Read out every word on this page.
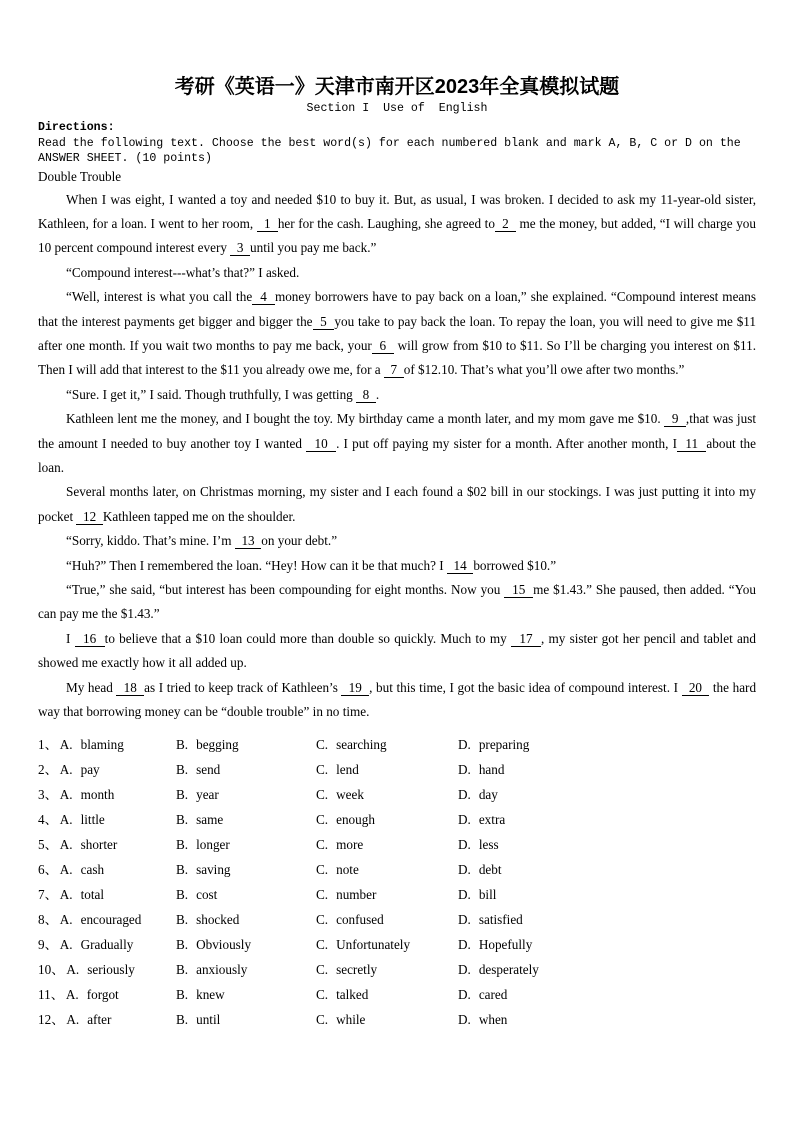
考研《英语一》天津市南开区2023年全真模拟试题
Section I  Use of  English
Directions:
Read the following text. Choose the best word(s) for each numbered blank and mark A, B, C or D on the ANSWER SHEET. (10 points)
Double Trouble

When I was eight, I wanted a toy and needed $10 to buy it. But, as usual, I was broken. I decided to ask my 11-year-old sister, Kathleen, for a loan. I went to her room,   1  her for the cash. Laughing, she agreed to  2   me the money, but added, “I will charge you 10 percent compound interest every   3  until you pay me back.”

“Compound interest---what’s that?” I asked.

“Well, interest is what you call the  4  money borrowers have to pay back on a loan,” she explained. “Compound interest means that the interest payments get bigger and bigger the  5  you take to pay back the loan. To repay the loan, you will need to give me $11 after one month. If you wait two months to pay me back, your  6   will grow from $10 to $11. So I’ll be charging you interest on $11. Then I will add that interest to the $11 you already owe me, for a   7  of $12.10. That’s what you’ll owe after two months.”

“Sure. I get it,” I said. Though truthfully, I was getting   8  .

Kathleen lent me the money, and I bought the toy. My birthday came a month later, and my mom gave me $10.   9  ,that was just the amount I needed to buy another toy I wanted   10  . I put off paying my sister for a month. After another month, I  11  about the loan.

Several months later, on Christmas morning, my sister and I each found a $02 bill in our stockings. I was just putting it into my pocket   12  Kathleen tapped me on the shoulder.

“Sorry, kiddo. That’s mine. I’m   13  on your debt.”

“Huh?” Then I remembered the loan. “Hey! How can it be that much? I   14  borrowed $10.”

“True,” she said, “but interest has been compounding for eight months. Now you   15  me $1.43.” She paused, then added. “You can pay me the $1.43.”

I   16  to believe that a $10 loan could more than double so quickly. Much to my   17  , my sister got her pencil and tablet and showed me exactly how it all added up.

My head   18  as I tried to keep track of Kathleen’s   19  , but this time, I got the basic idea of compound interest. I   20   the hard way that borrowing money can be “double trouble” in no time.

1、 A. blaming	B. begging	C. searching	D. preparing
2、 A. pay	B. send	C. lend	D. hand
3、 A. month	B. year	C. week	D. day
4、 A. little	B. same	C. enough	D. extra
5、 A. shorter	B. longer	C. more	D. less
6、 A. cash	B. saving	C. note	D. debt
7、 A. total	B. cost	C. number	D. bill
8、 A. encouraged	B. shocked	C. confused	D. satisfied
9、 A. Gradually	B. Obviously	C. Unfortunately	D. Hopefully
10、 A. seriously	B. anxiously	C. secretly	D. desperately
11、 A. forgot	B. knew	C. talked	D. cared
12、 A. after	B. until	C. while	D. when
